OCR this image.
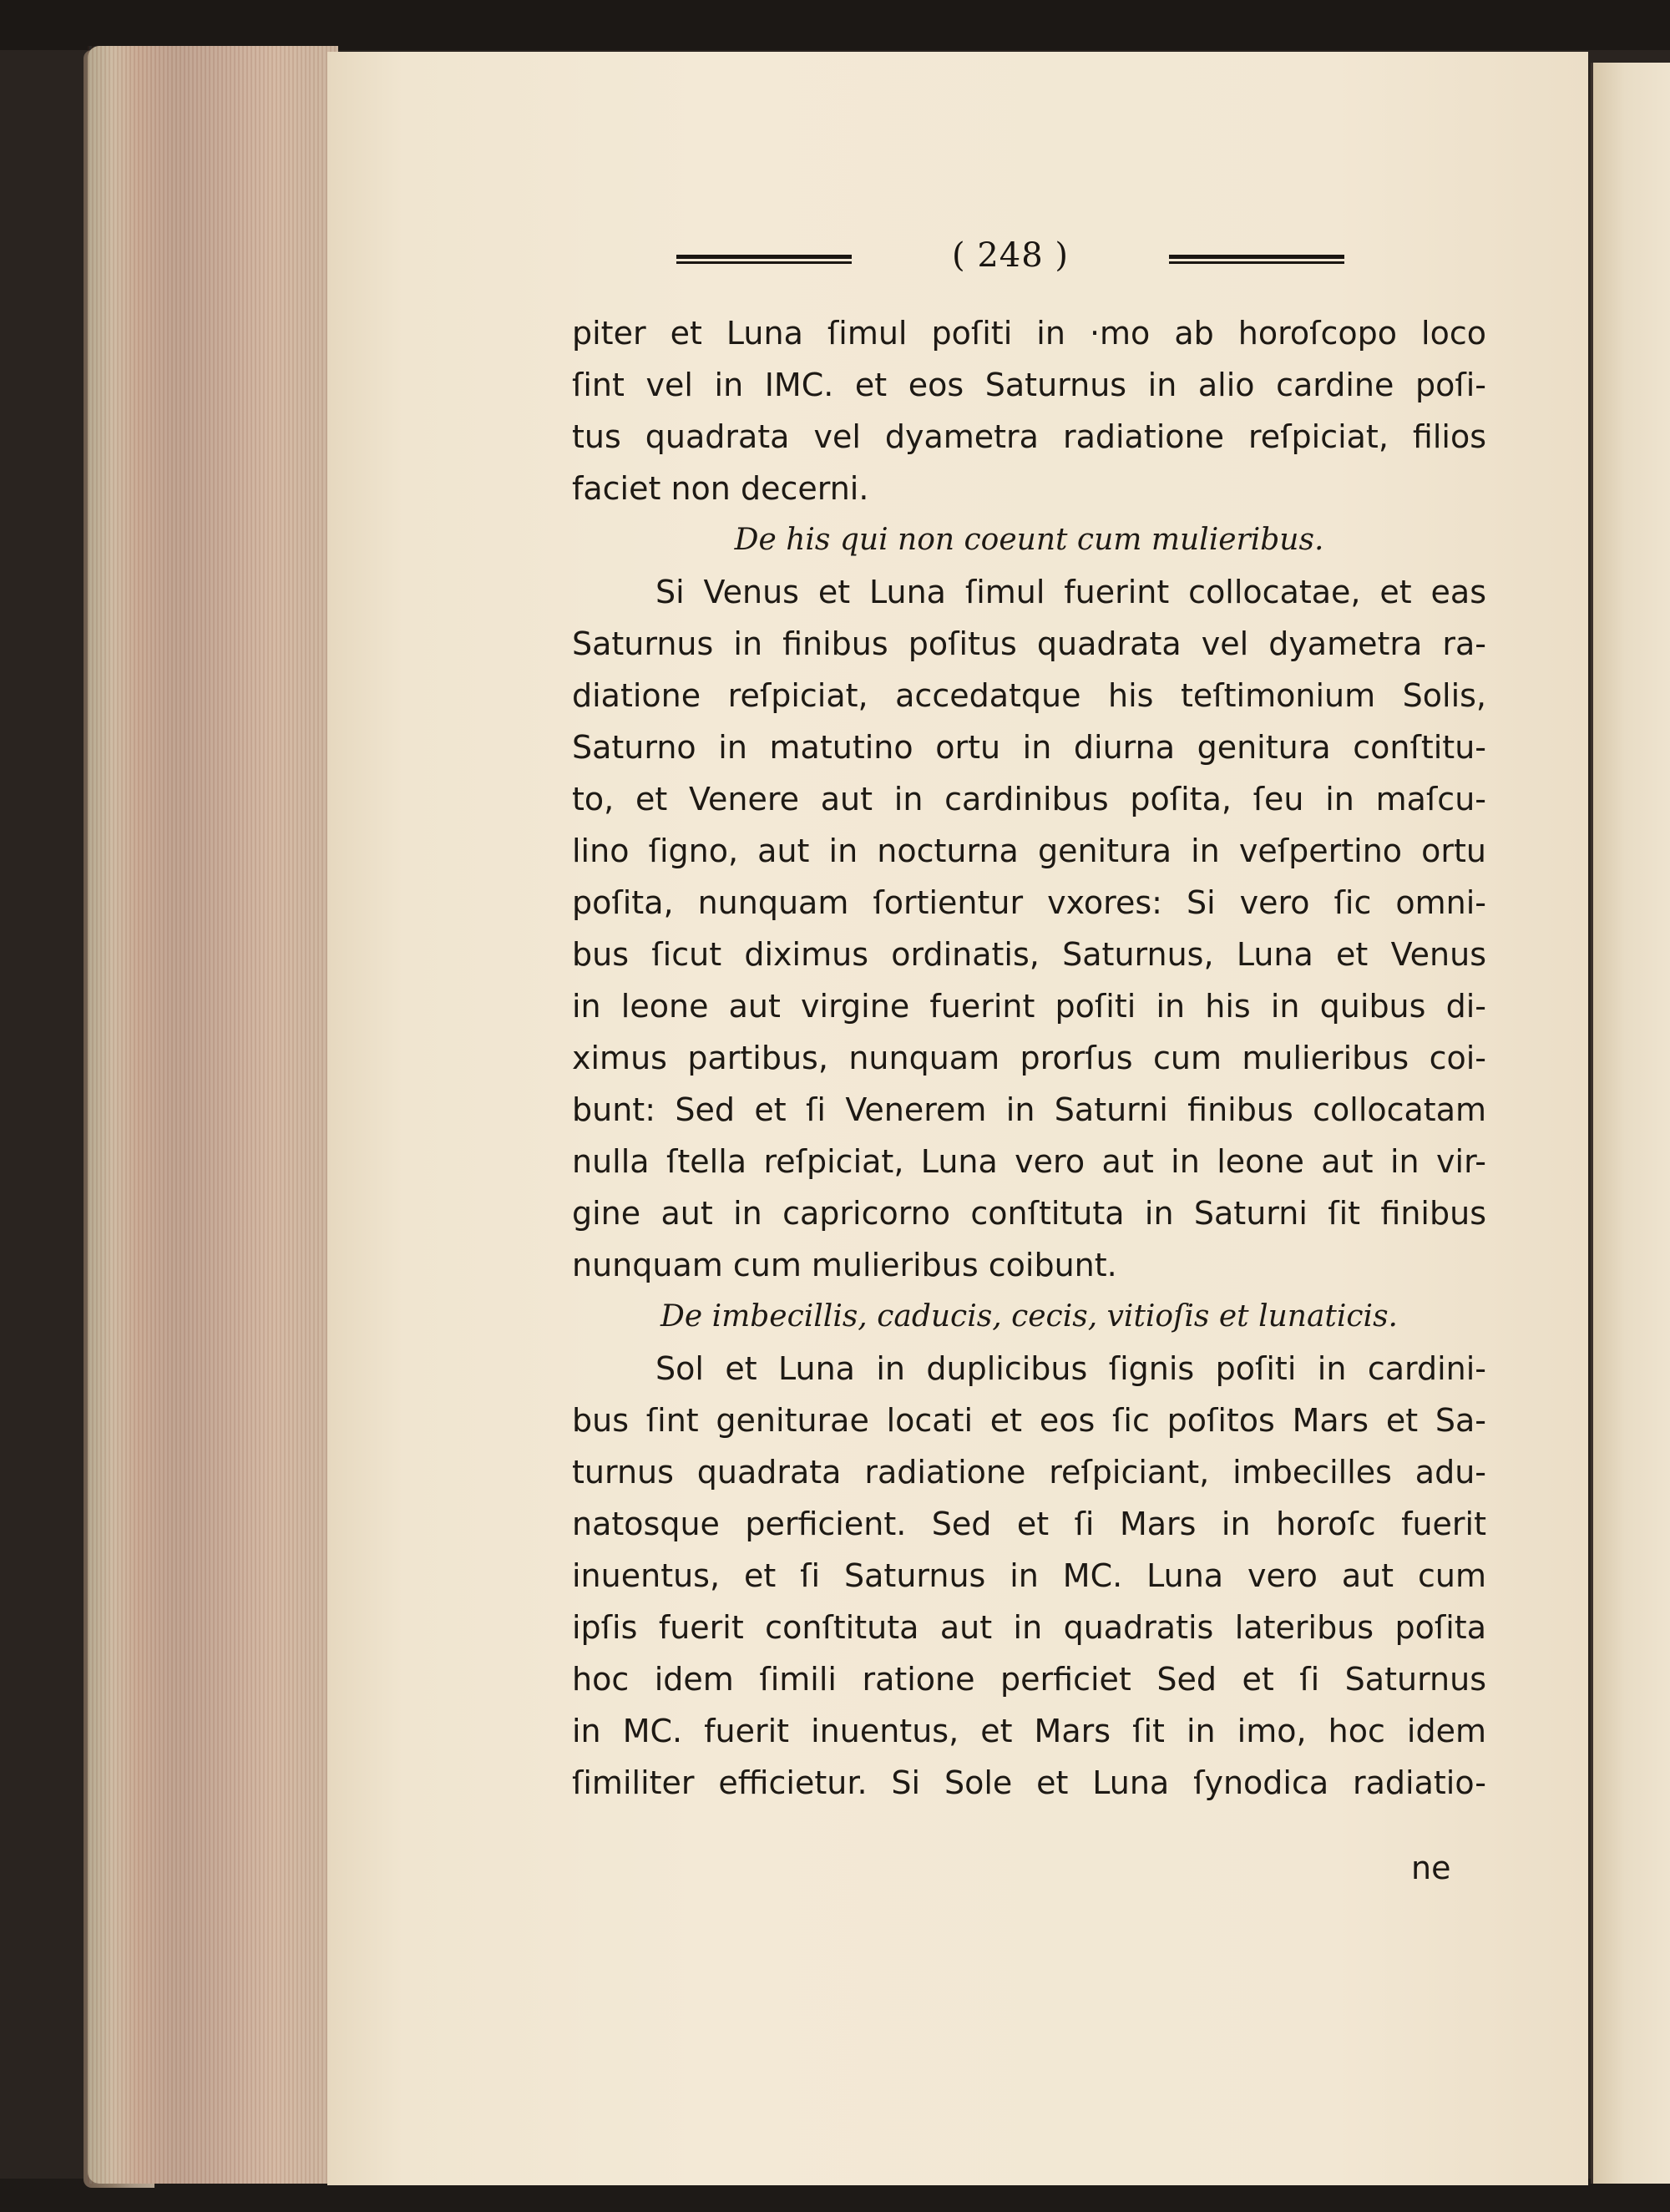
( 248 )
piter et Luna ſimul poſiti in ·mo ab horoſcopo loco
ſint vel in IMC. et eos Saturnus in alio cardine poſi-
tus quadrata vel dyametra radiatione reſpiciat, filios
faciet non decerni.
De his qui non coeunt cum mulieribus.
Si Venus et Luna ſimul fuerint collocatae, et eas
Saturnus in finibus poſitus quadrata vel dyametra ra-
diatione reſpiciat, accedatque his teſtimonium Solis,
Saturno in matutino ortu in diurna genitura conſtitu-
to, et Venere aut in cardinibus poſita, ſeu in maſcu-
lino ſigno, aut in nocturna genitura in veſpertino ortu
poſita, nunquam ſortientur vxores: Si vero ſic omni-
bus ſicut diximus ordinatis, Saturnus, Luna et Venus
in leone aut virgine fuerint poſiti in his in quibus di-
ximus partibus, nunquam prorſus cum mulieribus coi-
bunt: Sed et ſi Venerem in Saturni finibus collocatam
nulla ſtella reſpiciat, Luna vero aut in leone aut in vir-
gine aut in capricorno conſtituta in Saturni ſit finibus
nunquam cum mulieribus coibunt.
De imbecillis, caducis, cecis, vitioſis et lunaticis.
Sol et Luna in duplicibus ſignis poſiti in cardini-
bus ſint geniturae locati et eos ſic poſitos Mars et Sa-
turnus quadrata radiatione reſpiciant, imbecilles adu-
natosque perficient. Sed et ſi Mars in horoſc fuerit
inuentus, et ſi Saturnus in MC. Luna vero aut cum
ipſis fuerit conſtituta aut in quadratis lateribus poſita
hoc idem ſimili ratione perficiet Sed et ſi Saturnus
in MC. fuerit inuentus, et Mars ſit in imo, hoc idem
ſimiliter efficietur. Si Sole et Luna ſynodica radiatio-
ne
